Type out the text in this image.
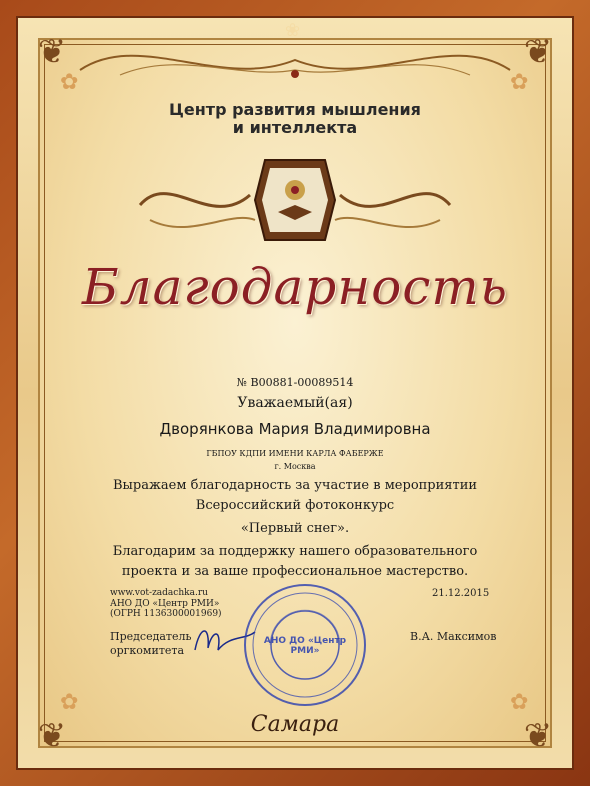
❦	❦
❦	❦
✿	✿
✿	✿
❀
Центр развития мышления
и интеллекта
Благодарность
№ В00881-00089514
Уважаемый(ая)
Дворянкова Мария Владимировна
ГБПОУ КДПИ ИМЕНИ КАРЛА ФАБЕРЖЕ
г. Москва
Выражаем благодарность за участие в мероприятии
Всероссийский фотоконкурс
«Первый снег».
Благодарим за поддержку нашего образовательного
проекта и за ваше профессиональное мастерство.
www.vot-zadachka.ru
АНО ДО «Центр РМИ»
(ОГРН 1136300001969)
21.12.2015
Председатель
оргкомитета
В.А. Максимов
АНО ДО «Центр РМИ»
Самара
